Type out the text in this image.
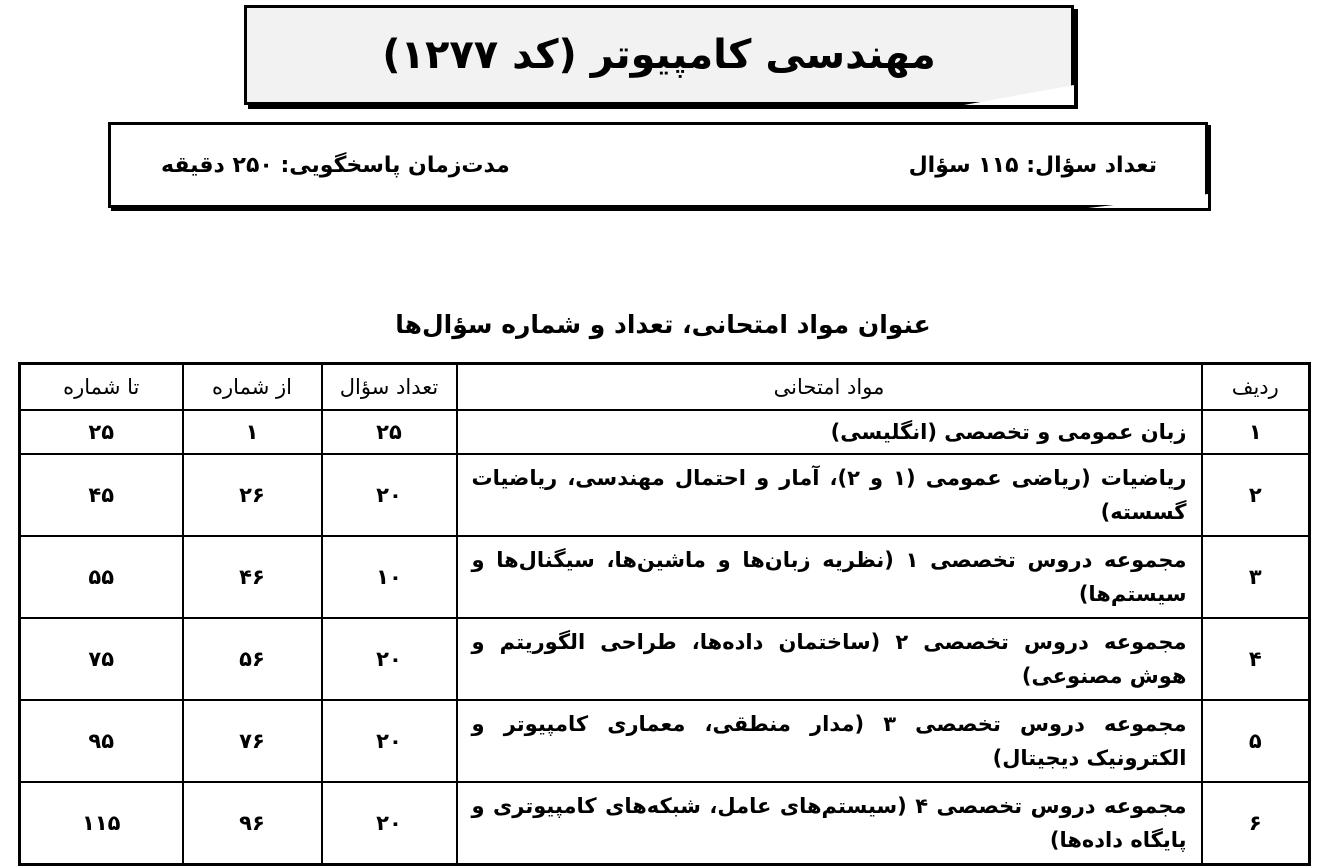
مهندسی کامپیوتر (کد ۱۲۷۷)
تعداد سؤال: ۱۱۵ سؤال
مدت‌زمان پاسخگویی: ۲۵۰ دقیقه
عنوان مواد امتحانی، تعداد و شماره سؤال‌ها
ردیف	مواد امتحانی	تعداد سؤال	از شماره	تا شماره
۱	زبان عمومی و تخصصی (انگلیسی)	۲۵	۱	۲۵
۲	ریاضیات (ریاضی عمومی (۱ و ۲)، آمار و احتمال مهندسی، ریاضیات گسسته)	۲۰	۲۶	۴۵
۳	مجموعه دروس تخصصی ۱ (نظریه زبان‌ها و ماشین‌ها، سیگنال‌ها و سیستم‌ها)	۱۰	۴۶	۵۵
۴	مجموعه دروس تخصصی ۲ (ساختمان داده‌ها، طراحی الگوریتم و هوش مصنوعی)	۲۰	۵۶	۷۵
۵	مجموعه دروس تخصصی ۳ (مدار منطقی، معماری کامپیوتر و الکترونیک دیجیتال)	۲۰	۷۶	۹۵
۶	مجموعه دروس تخصصی ۴ (سیستم‌های عامل، شبکه‌های کامپیوتری و پایگاه داده‌ها)	۲۰	۹۶	۱۱۵
